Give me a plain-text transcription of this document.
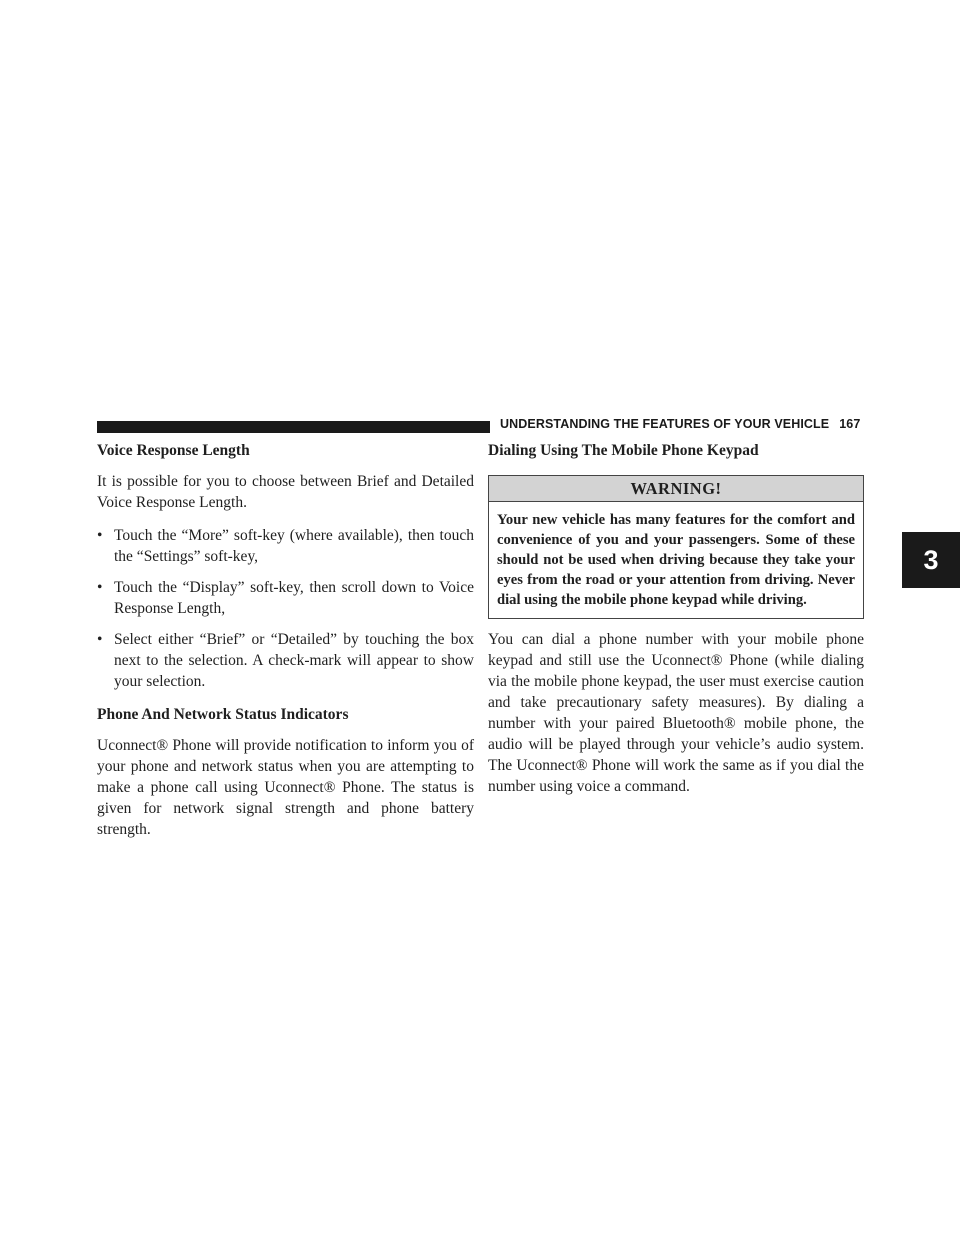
UNDERSTANDING THE FEATURES OF YOUR VEHICLE 167
3
Voice Response Length

It is possible for you to choose between Brief and Detailed Voice Response Length.

• Touch the “More” soft-key (where available), then touch the “Settings” soft-key,
• Touch the “Display” soft-key, then scroll down to Voice Response Length,
• Select either “Brief” or “Detailed” by touching the box next to the selection. A check-mark will appear to show your selection.
Phone And Network Status Indicators

Uconnect® Phone will provide notification to inform you of your phone and network status when you are attempting to make a phone call using Uconnect® Phone. The status is given for network signal strength and phone battery strength.

Dialing Using The Mobile Phone Keypad
WARNING!
Your new vehicle has many features for the comfort and convenience of you and your passengers. Some of these should not be used when driving because they take your eyes from the road or your attention from driving. Never dial using the mobile phone keypad while driving.

You can dial a phone number with your mobile phone keypad and still use the Uconnect® Phone (while dialing via the mobile phone keypad, the user must exercise caution and take precautionary safety measures). By dialing a number with your paired Bluetooth® mobile phone, the audio will be played through your vehicle’s audio system. The Uconnect® Phone will work the same as if you dial the number using voice a command.
